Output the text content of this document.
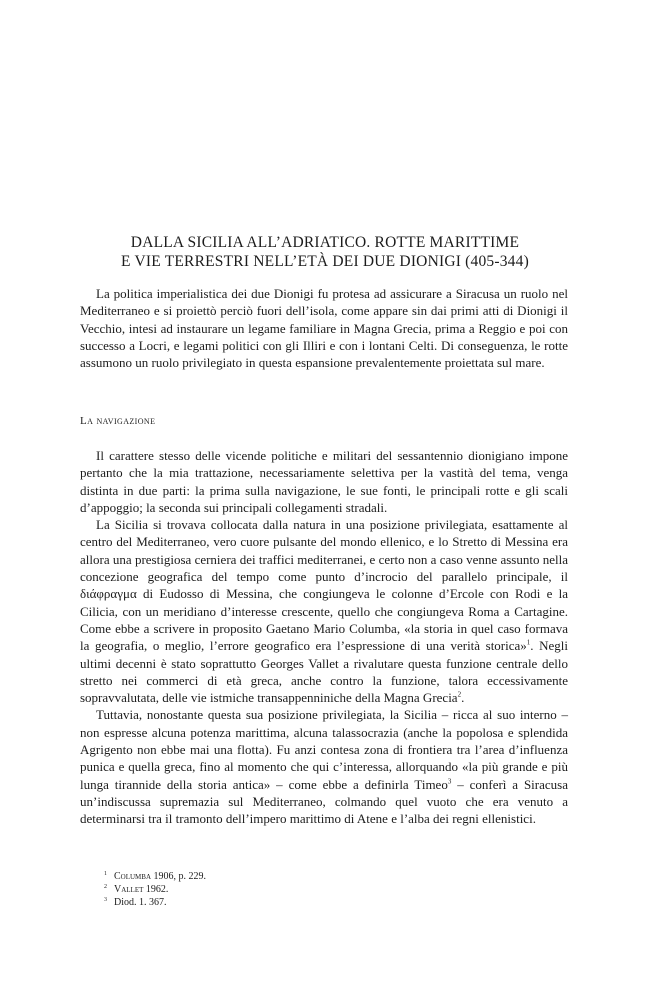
DALLA SICILIA ALL’ADRIATICO. ROTTE MARITTIME
E VIE TERRESTRI NELL’ETÀ DEI DUE DIONIGI (405-344)

La politica imperialistica dei due Dionigi fu protesa ad assicurare a Siracusa un ruolo nel Mediterraneo e si proiettò perciò fuori dell’isola, come appare sin dai primi atti di Dionigi il Vecchio, intesi ad instaurare un legame familiare in Magna Grecia, prima a Reggio e poi con successo a Locri, e legami politici con gli Illiri e con i lontani Celti. Di conseguenza, le rotte assumono un ruolo privilegiato in questa espansione prevalentemente proiettata sul mare.

La navigazione

Il carattere stesso delle vicende politiche e militari del sessantennio dionigiano impone pertanto che la mia trattazione, necessariamente selettiva per la vastità del tema, venga distinta in due parti: la prima sulla navigazione, le sue fonti, le principali rotte e gli scali d’appoggio; la seconda sui principali collegamenti stradali.

La Sicilia si trovava collocata dalla natura in una posizione privilegiata, esattamente al centro del Mediterraneo, vero cuore pulsante del mondo ellenico, e lo Stretto di Messina era allora una prestigiosa cerniera dei traffici mediterranei, e certo non a caso venne assunto nella concezione geografica del tempo come punto d’incrocio del parallelo principale, il διάφραγμα di Eudosso di Messina, che congiungeva le colonne d’Ercole con Rodi e la Cilicia, con un meridiano d’interesse crescente, quello che congiungeva Roma a Cartagine. Come ebbe a scrivere in proposito Gaetano Mario Columba, «la storia in quel caso formava la geografia, o meglio, l’errore geografico era l’espressione di una verità storica»$^1$. Negli ultimi decenni è stato soprattutto Georges Vallet a rivalutare questa funzione centrale dello stretto nei commerci di età greca, anche contro la funzione, talora eccessivamente sopravvalutata, delle vie istmiche transappenniniche della Magna Grecia$^2$.

Tuttavia, nonostante questa sua posizione privilegiata, la Sicilia – ricca al suo interno – non espresse alcuna potenza marittima, alcuna talassocrazia (anche la popolosa e splendida Agrigento non ebbe mai una flotta). Fu anzi contesa zona di frontiera tra l’area d’influenza punica e quella greca, fino al momento che qui c’interessa, allorquando «la più grande e più lunga tirannide della storia antica» – come ebbe a definirla Timeo$^3$ – conferì a Siracusa un’indiscussa supremazia sul Mediterraneo, colmando quel vuoto che era venuto a determinarsi tra il tramonto dell’impero marittimo di Atene e l’alba dei regni ellenistici.

1 Columba 1906, p. 229.
2 Vallet 1962.
3 Diod. 1. 367.
